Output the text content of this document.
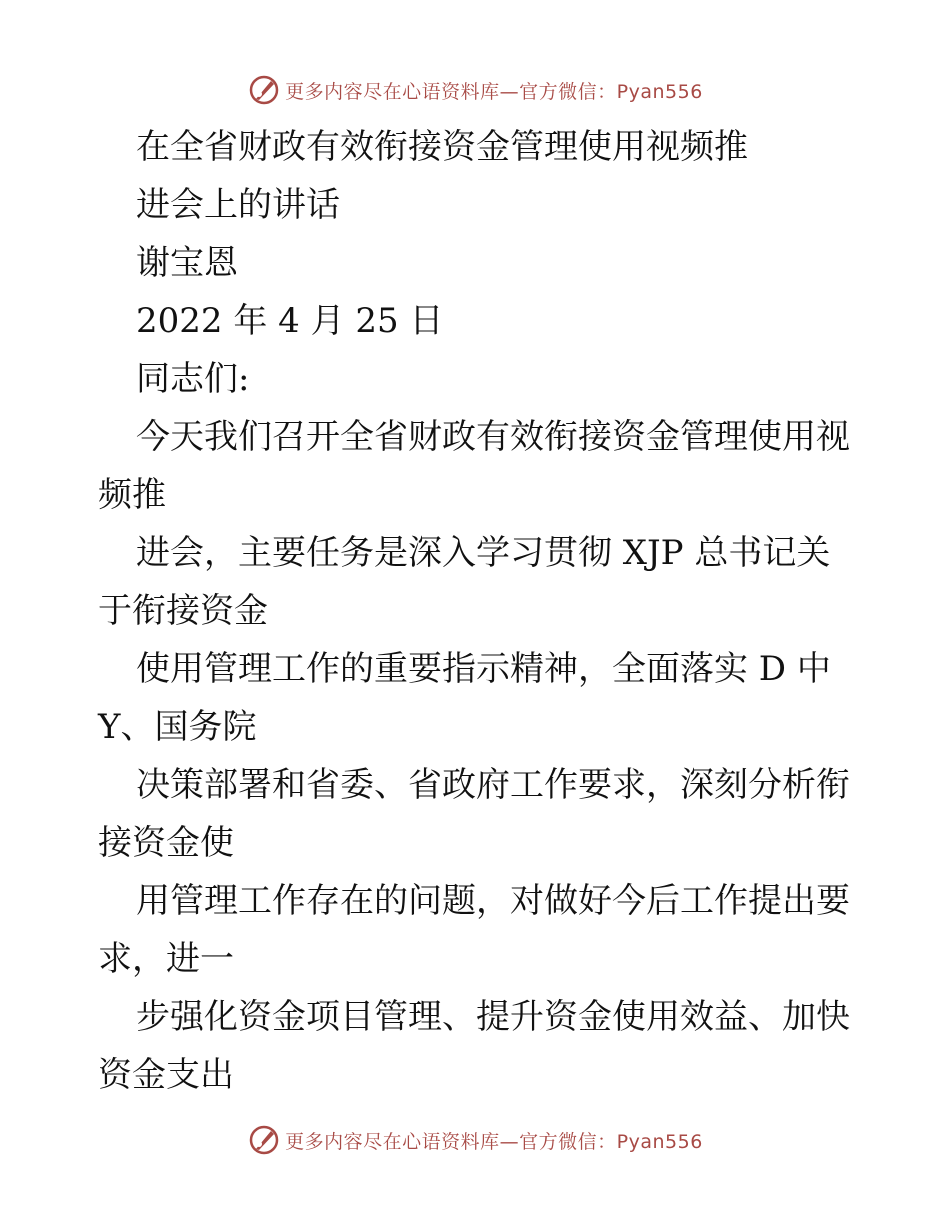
更多内容尽在心语资料库—官方微信：Pyan556
在全省财政有效衔接资金管理使用视频推
进会上的讲话
谢宝恩
2022 年 4 月 25 日
同志们:
今天我们召开全省财政有效衔接资金管理使用视
频推
进会，主要任务是深入学习贯彻 XJP 总书记关
于衔接资金
使用管理工作的重要指示精神，全面落实 D 中
Y、国务院
决策部署和省委、省政府工作要求，深刻分析衔
接资金使
用管理工作存在的问题，对做好今后工作提出要
求，进一
步强化资金项目管理、提升资金使用效益、加快
资金支出
更多内容尽在心语资料库—官方微信：Pyan556
